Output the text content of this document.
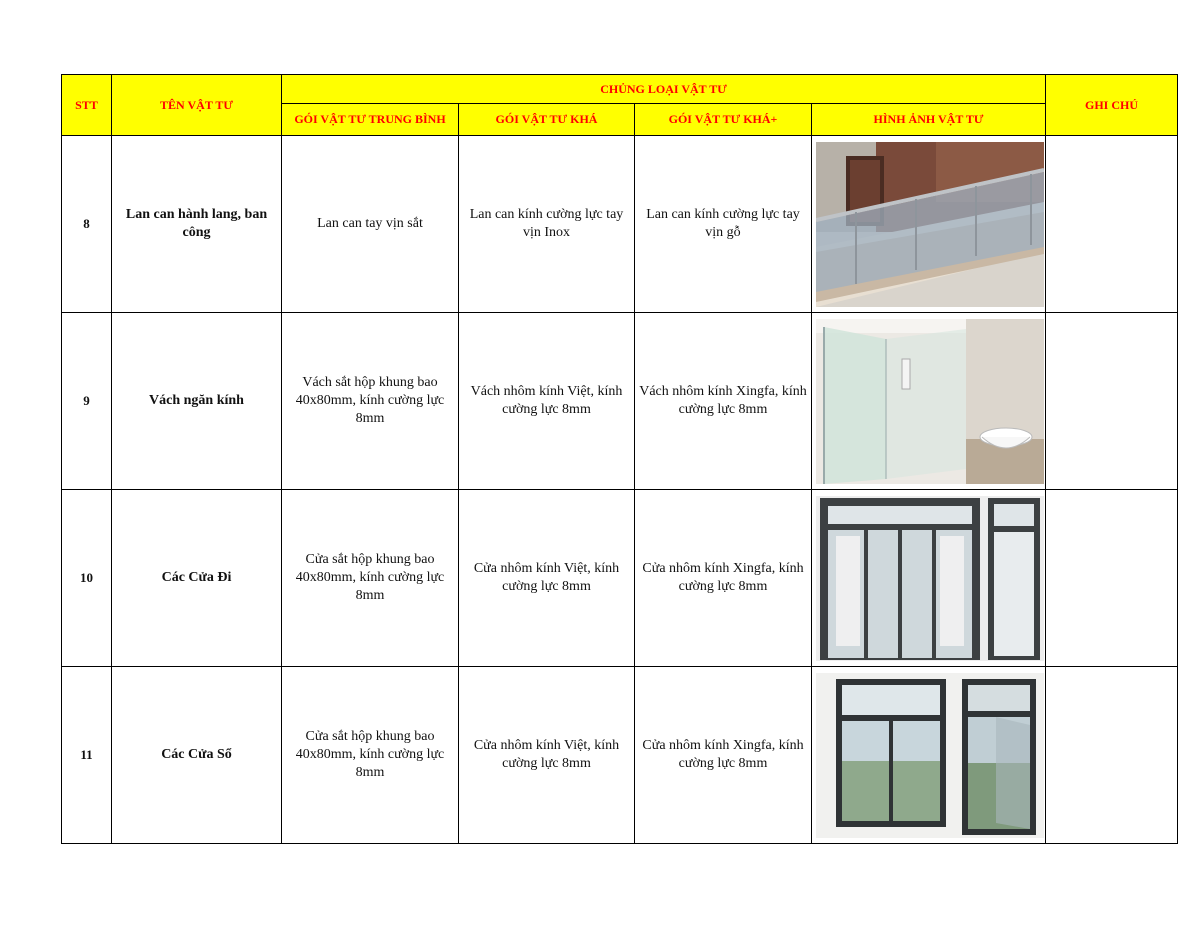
STT	TÊN VẬT TƯ	CHỦNG LOẠI VẬT TƯ				GHI CHÚ
		GÓI VẬT TƯ TRUNG BÌNH	GÓI VẬT TƯ KHÁ	GÓI VẬT TƯ KHÁ+	HÌNH ẢNH VẬT TƯ	
8	Lan can hành lang, ban công	Lan can tay vịn sắt	Lan can kính cường lực tay vịn Inox	Lan can kính cường lực tay vịn gỗ	

9	Vách ngăn kính	Vách sắt hộp khung bao 40x80mm, kính cường lực 8mm	Vách nhôm kính Việt, kính cường lực 8mm	Vách nhôm kính Xingfa, kính cường lực 8mm	

10	Các Cửa Đi	Cửa sắt hộp khung bao 40x80mm, kính cường lực 8mm	Cửa nhôm kính Việt, kính cường lực 8mm	Cửa nhôm kính Xingfa, kính cường lực 8mm	

11	Các Cửa Sổ	Cửa sắt hộp khung bao 40x80mm, kính cường lực 8mm	Cửa nhôm kính Việt, kính cường lực 8mm	Cửa nhôm kính Xingfa, kính cường lực 8mm	
